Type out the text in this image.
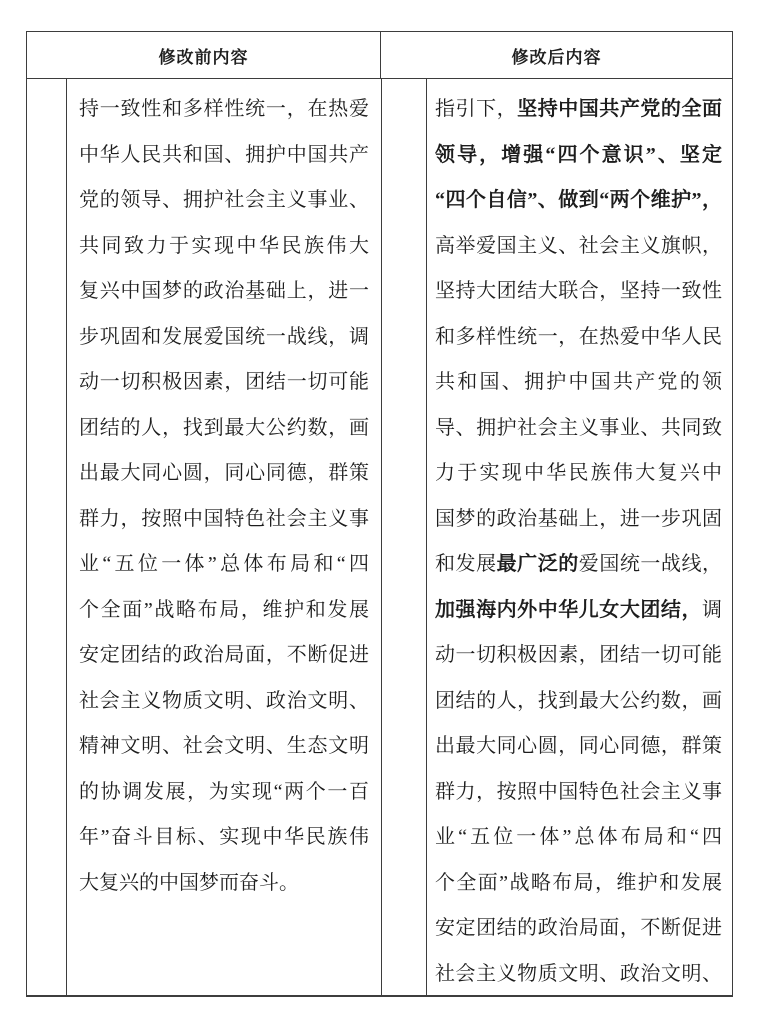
修改前内容	修改后内容
持一致性和多样性统一，在热爱
中华人民共和国、拥护中国共产
党的领导、拥护社会主义事业、
共同致力于实现中华民族伟大
复兴中国梦的政治基础上，进一
步巩固和发展爱国统一战线，调
动一切积极因素，团结一切可能
团结的人，找到最大公约数，画
出最大同心圆，同心同德，群策
群力，按照中国特色社会主义事
业“五位一体”总体布局和“四
个全面”战略布局，维护和发展
安定团结的政治局面，不断促进
社会主义物质文明、政治文明、
精神文明、社会文明、生态文明
的协调发展，为实现“两个一百
年”奋斗目标、实现中华民族伟
大复兴的中国梦而奋斗。
指引下，坚持中国共产党的全面
领导，增强“四个意识”、坚定
“四个自信”、做到“两个维护”，
高举爱国主义、社会主义旗帜，
坚持大团结大联合，坚持一致性
和多样性统一，在热爱中华人民
共和国、拥护中国共产党的领
导、拥护社会主义事业、共同致
力于实现中华民族伟大复兴中
国梦的政治基础上，进一步巩固
和发展最广泛的爱国统一战线，
加强海内外中华儿女大团结，调
动一切积极因素，团结一切可能
团结的人，找到最大公约数，画
出最大同心圆，同心同德，群策
群力，按照中国特色社会主义事
业“五位一体”总体布局和“四
个全面”战略布局，维护和发展
安定团结的政治局面，不断促进
社会主义物质文明、政治文明、
